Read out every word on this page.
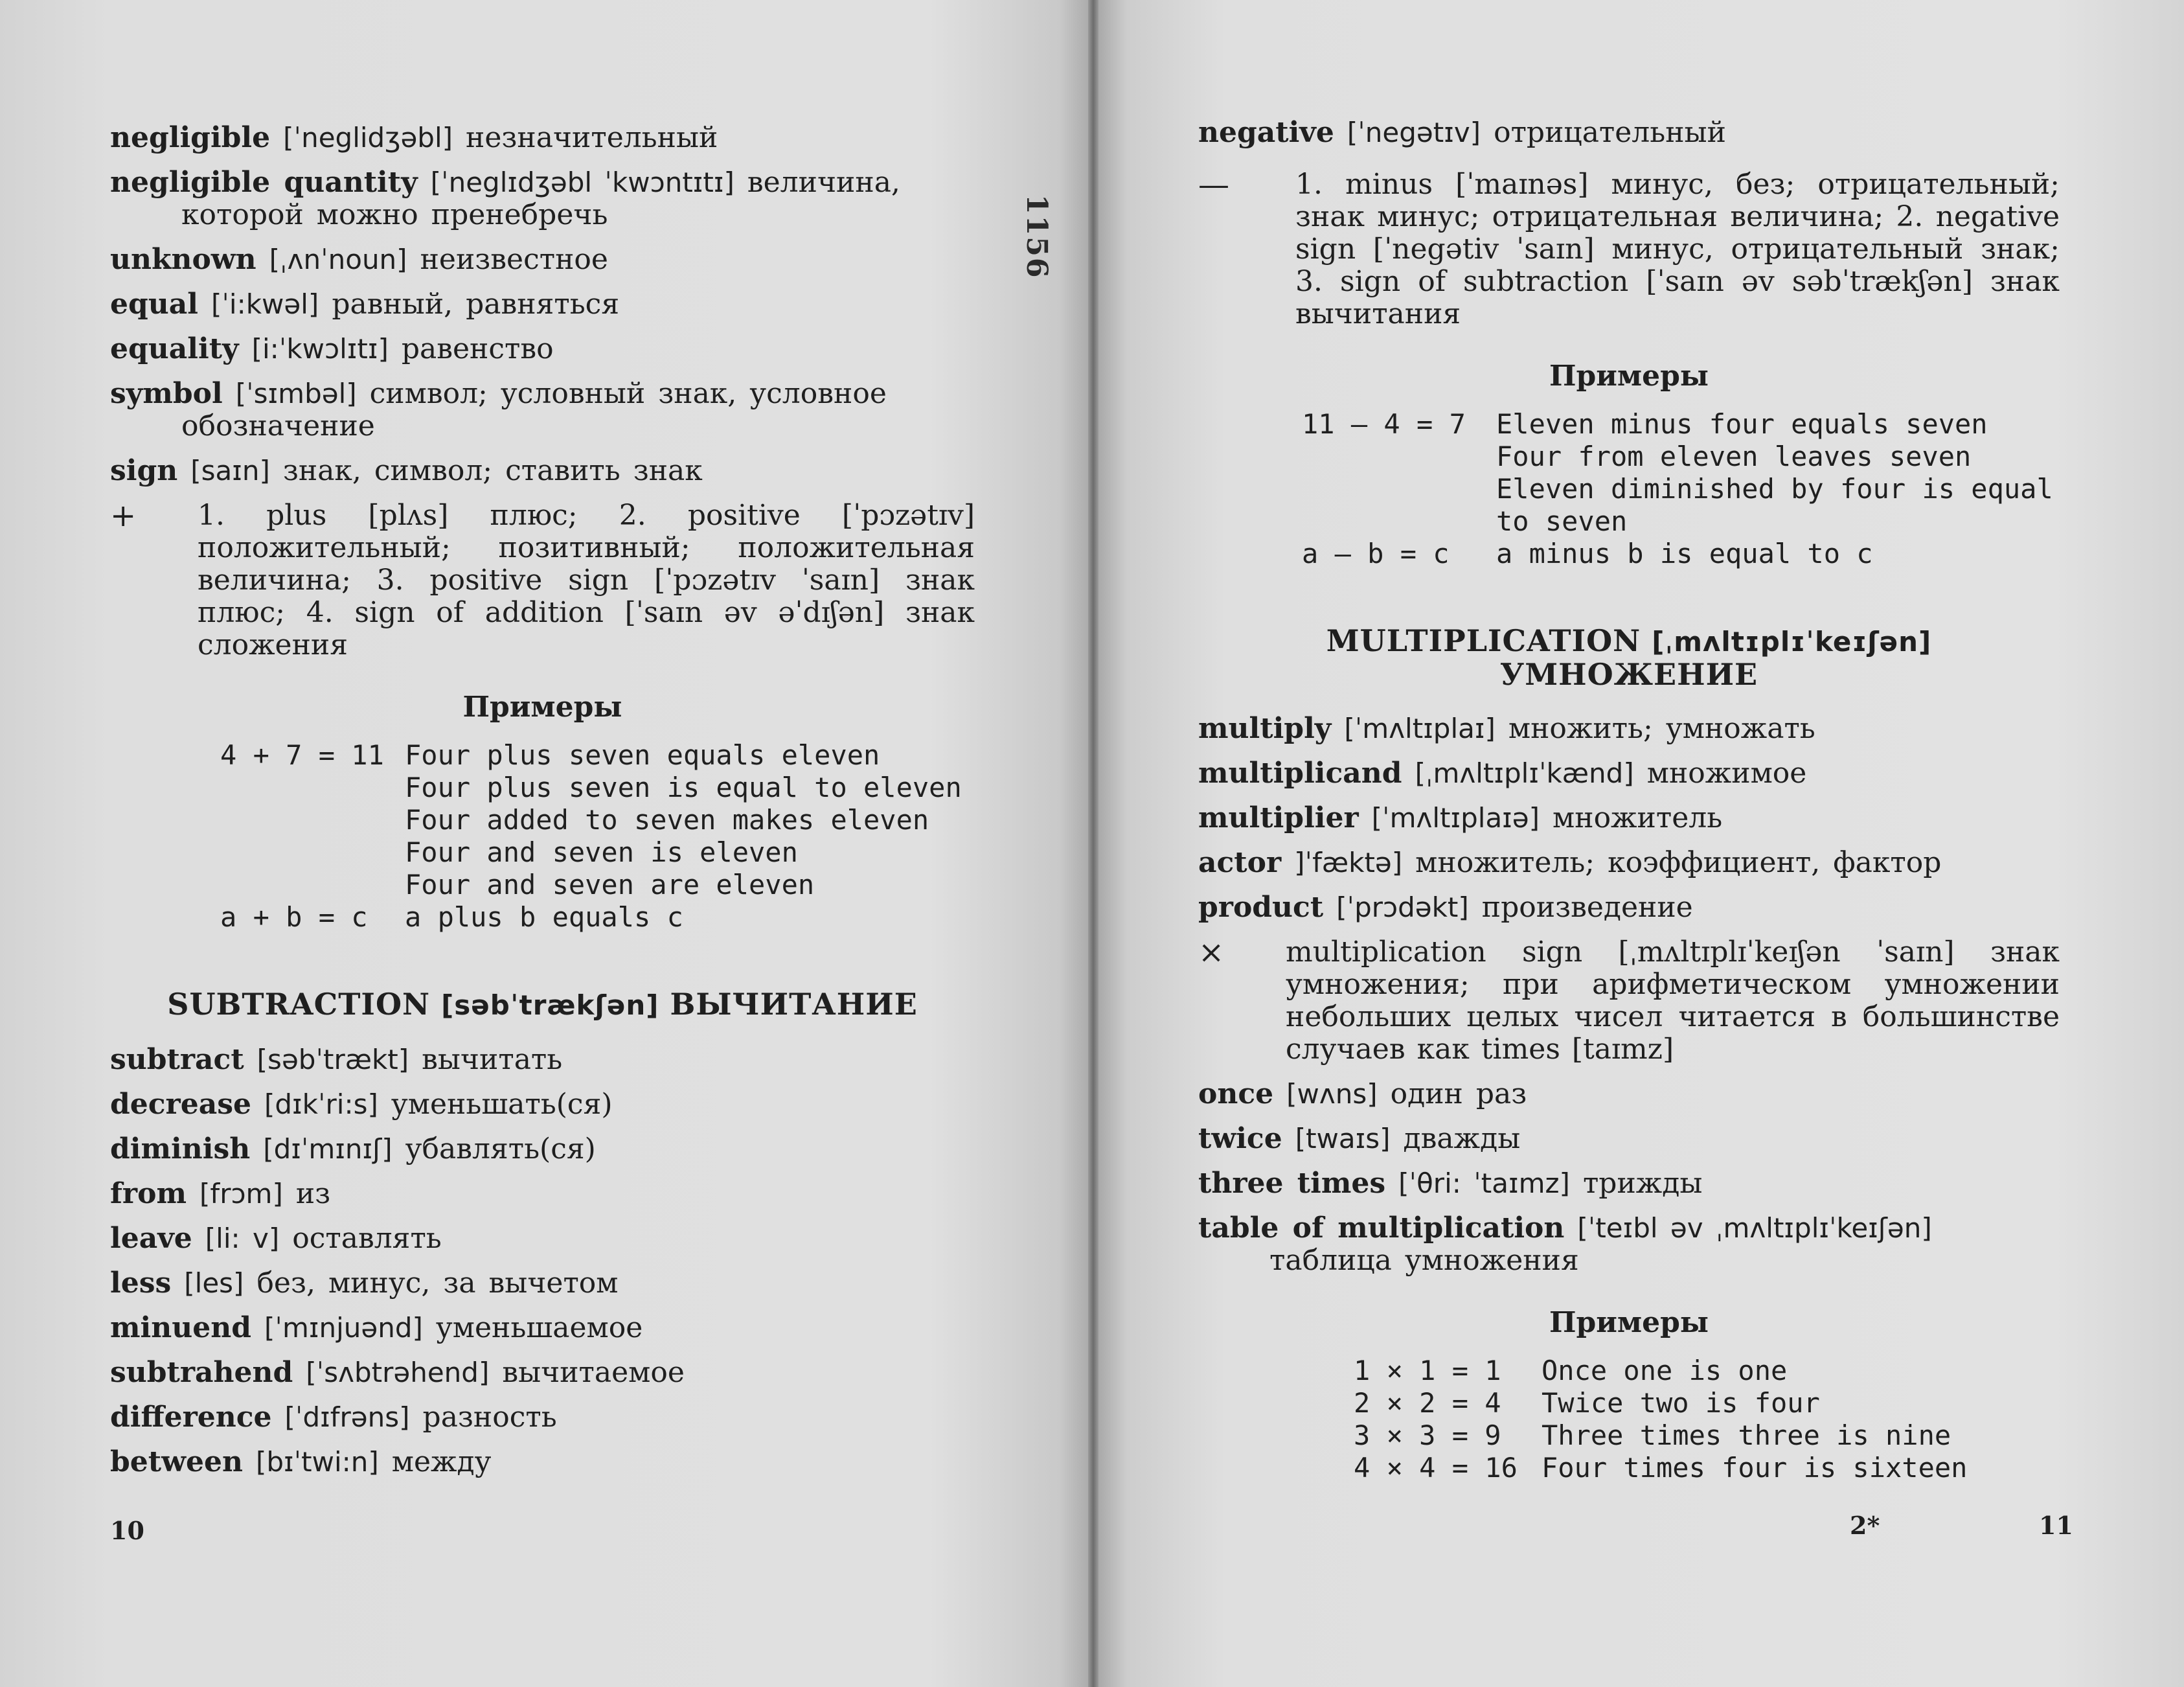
1156
negligible [ˈneglidʒəbl] незначительный
negligible quantity [ˈneglɪdʒəbl ˈkwɔntɪtɪ] величина, которой можно пренебречь
unknown [ˌʌnˈnoun] неизвестное
equal [ˈi:kwəl] равный, равняться
equality [i:ˈkwɔlɪtɪ] равенство
symbol [ˈsɪmbəl] символ; условный знак, условное обозначение
sign [saɪn] знак, символ; ставить знак
+	1. plus [plʌs] плюс; 2. positive [ˈpɔzətɪv] положительный; позитивный; положительная величина; 3. positive sign [ˈpɔzətɪv ˈsaɪn] знак плюс; 4. sign of addition [ˈsaɪn əv əˈdɪʃən] знак сложения
Примеры
4 + 7 = 11 Four plus seven equals eleven
Four plus seven is equal to eleven
Four added to seven makes eleven
Four and seven is eleven
Four and seven are eleven
a + b = c	a plus b equals c
SUBTRACTION [səbˈtrækʃən] ВЫЧИТАНИЕ
subtract [səbˈtrækt] вычитать
decrease [dɪkˈri:s] уменьшать(ся)
diminish [dɪˈmɪnɪʃ] убавлять(ся)
from [frɔm] из
leave [li: v] оставлять
less [les] без, минус, за вычетом
minuend [ˈmɪnjuənd] уменьшаемое
subtrahend [ˈsʌbtrəhend] вычитаемое
difference [ˈdɪfrəns] разность
between [bɪˈtwi:n] между
10
negative [ˈnegətɪv] отрицательный
—	1. minus [ˈmaɪnəs] минус, без; отрицательный; знак минус; отрицательная величина; 2. negative sign [ˈnegətiv ˈsaɪn] минус, отрицательный знак; 3. sign of subtraction [ˈsaɪn əv səbˈtrækʃən] знак вычитания
Примеры
11 — 4 = 7	Eleven minus four equals seven
Four from eleven leaves seven
Eleven diminished by four is equal to seven
a — b = c	a minus b is equal to c
MULTIPLICATION [ˌmʌltɪplɪˈkeɪʃən] УМНОЖЕНИЕ
multiply [ˈmʌltɪplaɪ] множить; умножать
multiplicand [ˌmʌltɪplɪˈkænd] множимое
multiplier [ˈmʌltɪplaɪə] множитель
actor ]ˈfæktə] множитель; коэффициент, фактор
product [ˈprɔdəkt] произведение
×	multiplication sign [ˌmʌltɪplɪˈkeɪʃən ˈsaɪn] знак умножения; при арифметическом умножении небольших целых чисел читается в большинстве случаев как times [taɪmz]
once [wʌns] один раз
twice [twaɪs] дважды
three times [ˈθri: ˈtaɪmz] трижды
table of multiplication [ˈteɪbl əv ˌmʌltɪplɪˈkeɪʃən] таблица умножения
Примеры
1 × 1 = 1	Once one is one
2 × 2 = 4	Twice two is four
3 × 3 = 9	Three times three is nine
4 × 4 = 16 Four times four is sixteen
2*	11
